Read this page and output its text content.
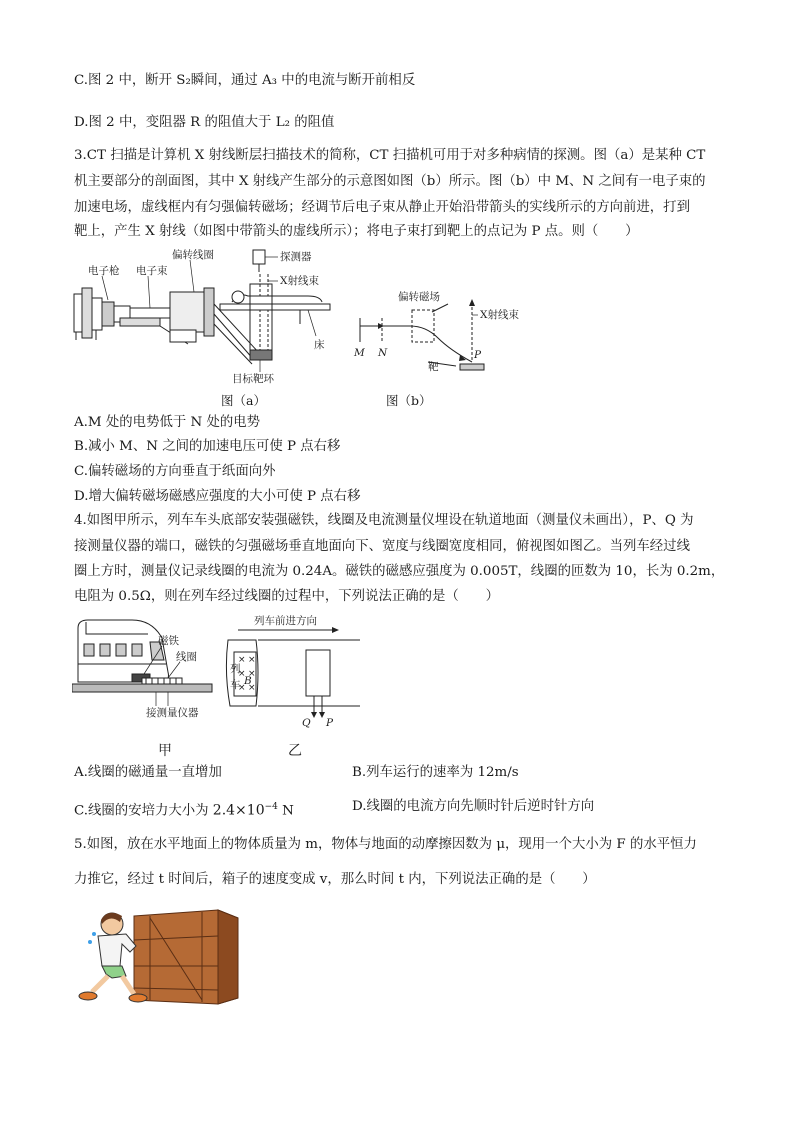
C.图 2 中，断开 S₂瞬间，通过 A₃ 中的电流与断开前相反
D.图 2 中，变阻器 R 的阻值大于 L₂ 的阻值
3.CT 扫描是计算机 X 射线断层扫描技术的简称，CT 扫描机可用于对多种病情的探测。图（a）是某种 CT
机主要部分的剖面图，其中 X 射线产生部分的示意图如图（b）所示。图（b）中 M、N 之间有一电子束的
加速电场，虚线框内有匀强偏转磁场；经调节后电子束从静止开始沿带箭头的实线所示的方向前进，打到
靶上，产生 X 射线（如图中带箭头的虚线所示）；将电子束打到靶上的点记为 P 点。则（　　）
电子枪 电子束
偏转线圈	探测器
X射线束
床
目标靶环
图（a）
偏转磁场
X射线束
M N
靶
P
图（b）
A.M 处的电势低于 N 处的电势
B.减小 M、N 之间的加速电压可使 P 点右移
C.偏转磁场的方向垂直于纸面向外
D.增大偏转磁场磁感应强度的大小可使 P 点右移
4.如图甲所示，列车车头底部安装强磁铁，线圈及电流测量仪埋设在轨道地面（测量仪未画出），P、Q 为
接测量仪器的端口，磁铁的匀强磁场垂直地面向下、宽度与线圈宽度相同，俯视图如图乙。当列车经过线
圈上方时，测量仪记录线圈的电流为 0.24A。磁铁的磁感应强度为 0.005T，线圈的匝数为 10，长为 0.2m，
电阻为 0.5Ω，则在列车经过线圈的过程中，下列说法正确的是（　　）
磁铁
线圈
接测量仪器
甲
× ×
× ×
× ×
列车前进方向
列
车 B
Q P
乙
A.线圈的磁通量一直增加	B.列车运行的速率为 12m/s
C.线圈的安培力大小为 $2.4\times 10^{-4}$ N	D.线圈的电流方向先顺时针后逆时针方向
5.如图，放在水平地面上的物体质量为 m，物体与地面的动摩擦因数为 μ，现用一个大小为 F 的水平恒力
力推它，经过 t 时间后，箱子的速度变成 v，那么时间 t 内，下列说法正确的是（　　）
